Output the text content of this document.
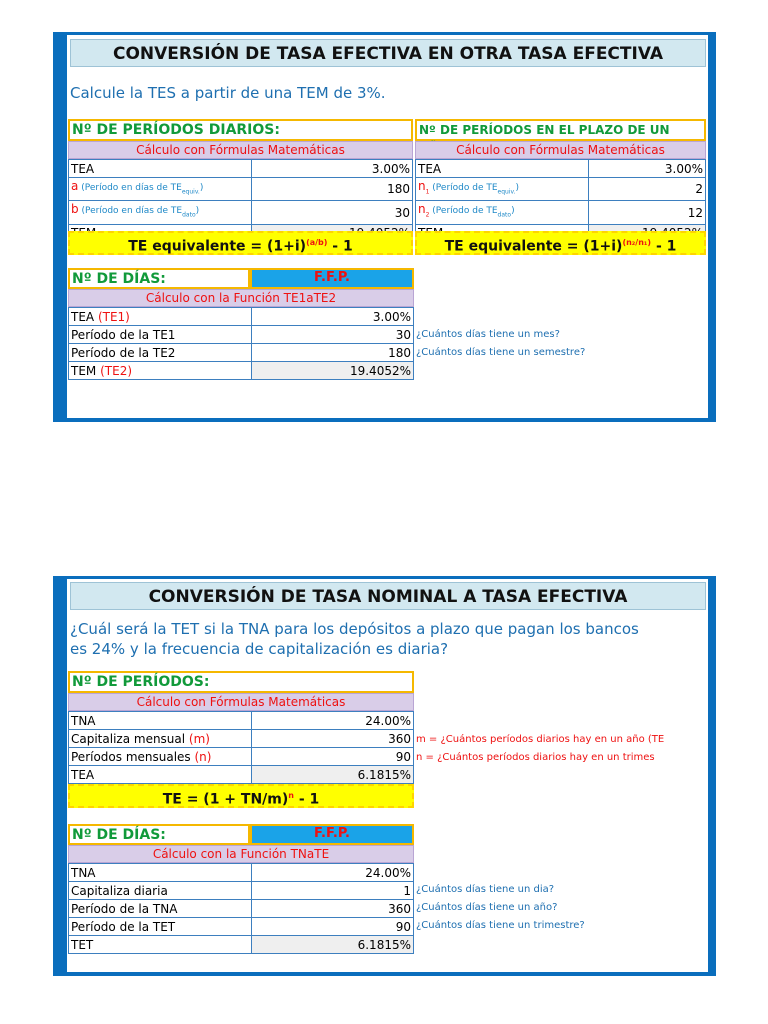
CONVERSIÓN DE TASA EFECTIVA EN OTRA TASA EFECTIVA
5 Calcule la TES a partir de una TEM de 3%.
Nº DE PERÍODOS DIARIOS:
Cálculo con Fórmulas Matemáticas
TEA	3.00%
a (Período en días de $TE_{equiv.}$)	180
b (Período en días de $TE_{dato}$)	30

TE equivalente = $(1+i)^{(a/b)} - 1$
Nº DE PERÍODOS EN EL PLAZO DE UN
Cálculo con Fórmulas Matemáticas
TEA	3.00%
$n_1$ (Período de $TE_{equiv.}$)	2
$n_2$ (Período de $TE_{dato}$)	12

TE equivalente = $(1+i)^{(n_2/n_1)} - 1$
Nº DE DÍAS:	F.F.P.
Cálculo con la Función TE1aTE2
TEA (TE1)	3.00%
Período de la TE1	30
Período de la TE2	180
TEM (TE2)	19.4052%
¿Cuántos días tiene un mes?
¿Cuántos días tiene un semestre?
CONVERSIÓN DE TASA NOMINAL A TASA EFECTIVA
9 ¿Cuál será la TET si la TNA para los depósitos a plazo que pagan los bancos
es 24% y la frecuencia de capitalización es diaria?
Nº DE PERÍODOS:
Cálculo con Fórmulas Matemáticas
TNA	24.00%
Capitaliza mensual (m)	360
Períodos mensuales (n)	90
TEA	6.1815%
m = ¿Cuántos períodos diarios hay en un año (TE
n = ¿Cuántos períodos diarios hay en un trimes
TE = $(1 + TN/m)^n - 1$
Nº DE DÍAS:	F.F.P.
Cálculo con la Función TNaTE
TNA	24.00%
Capitaliza diaria	1
Período de la TNA	360
Período de la TET	90
TET	6.1815%
¿Cuántos días tiene un dia?
¿Cuántos días tiene un año?
¿Cuántos días tiene un trimestre?
